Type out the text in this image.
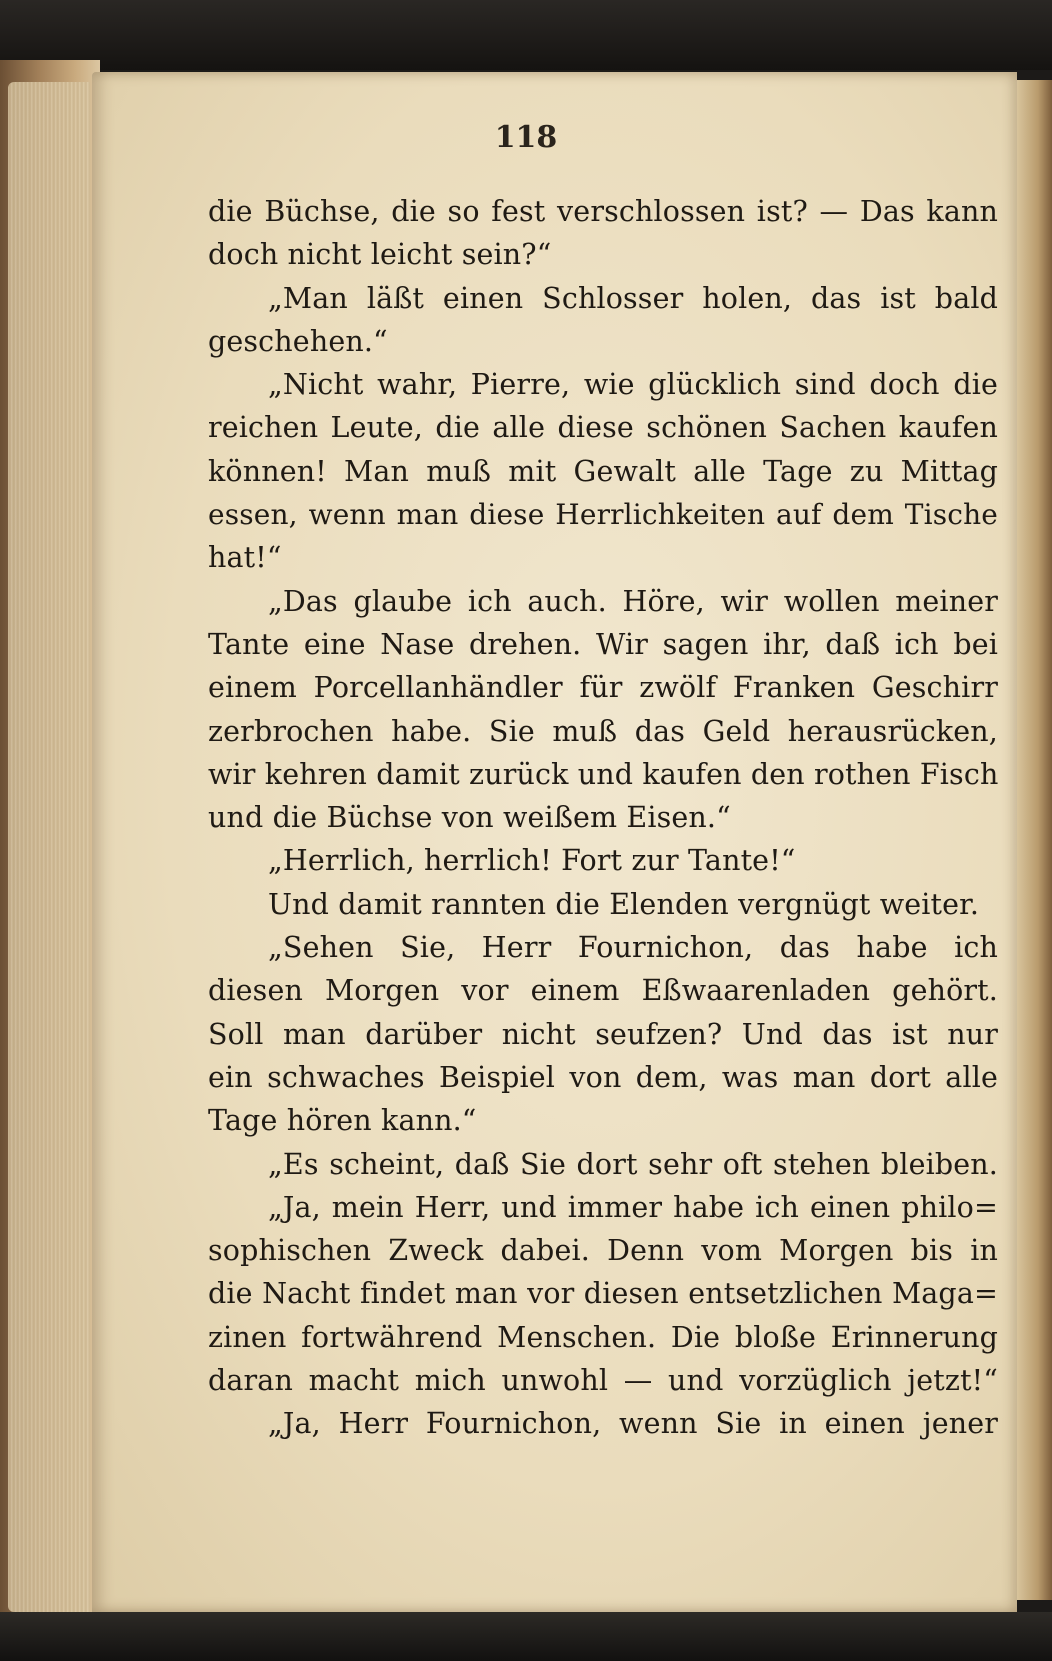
118
die Büchse, die so fest verschlossen ist? — Das kann
doch nicht leicht sein?“
„Man läßt einen Schlosser holen, das ist bald
geschehen.“
„Nicht wahr, Pierre, wie glücklich sind doch die
reichen Leute, die alle diese schönen Sachen kaufen
können! Man muß mit Gewalt alle Tage zu Mittag
essen, wenn man diese Herrlichkeiten auf dem Tische
hat!“
„Das glaube ich auch. Höre, wir wollen meiner
Tante eine Nase drehen. Wir sagen ihr, daß ich bei
einem Porcellanhändler für zwölf Franken Geschirr
zerbrochen habe. Sie muß das Geld herausrücken,
wir kehren damit zurück und kaufen den rothen Fisch
und die Büchse von weißem Eisen.“
„Herrlich, herrlich! Fort zur Tante!“
Und damit rannten die Elenden vergnügt weiter.
„Sehen Sie, Herr Fournichon, das habe ich
diesen Morgen vor einem Eßwaarenladen gehört.
Soll man darüber nicht seufzen? Und das ist nur
ein schwaches Beispiel von dem, was man dort alle
Tage hören kann.“
„Es scheint, daß Sie dort sehr oft stehen bleiben.
„Ja, mein Herr, und immer habe ich einen philo=
sophischen Zweck dabei. Denn vom Morgen bis in
die Nacht findet man vor diesen entsetzlichen Maga=
zinen fortwährend Menschen. Die bloße Erinnerung
daran macht mich unwohl — und vorzüglich jetzt!“
„Ja, Herr Fournichon, wenn Sie in einen jener
